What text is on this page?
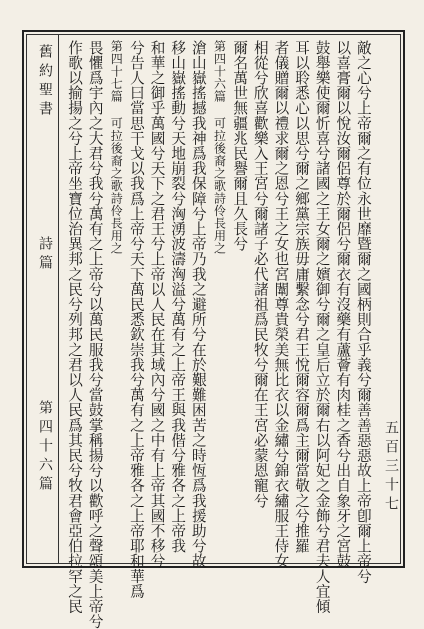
舊約聖書
詩篇
第四十六篇	敵之心兮上帝爾之有位永世靡暨爾之國柄則合乎義兮爾善善惡惡故上帝卽爾上帝兮
以喜膏爾以悅汝爾侶尊於爾侶兮爾衣有沒藥有蘆薈有肉桂之香兮出自象牙之宮鼓
鼓舉樂使爾忻喜兮諸國之王女爾之嬪御兮爾之皇后立於爾右以阿妃之金飾兮君夫人宜傾
耳以聆悉心以思兮爾之鄉黨宗族毋庸繫念兮君王悅爾容爾爲主爾當敬之兮推羅
者儀贈爾以禮求爾之恩兮王之女也宮闈尊貴榮美無比衣以金繡兮錦衣繡服王侍女
相從兮欣喜歡樂入王宮兮爾諸子必代諸祖爲民牧兮爾在王宮必蒙恩寵兮
爾名萬世無疆兆民譽爾且久長兮
第四十六篇 可拉後裔之歌詩伶長用之
滄山嶽搖撼我神爲我保障兮上帝乃我之避所兮在於艱難困苦之時恆爲我援助兮故
移山嶽搖動兮天地崩裂兮洶湧波濤洶溢兮萬有之上帝王與我偕兮雅各之上帝我
和華之御乎萬國兮天下之君王兮上帝以人民在其域內兮國之中有上帝其國不移兮
兮告人曰當思干戈以我爲上帝兮天下萬民悉欽崇我兮萬有之上帝雅各之上帝耶和華爲
第四十七篇 可拉後裔之歌詩伶長用之
畏懼爲宇內之大君兮我兮萬有之上帝兮以萬民服我兮當鼓掌稱揚兮以歡呼之聲頌美上帝兮
作歌以揄揚之兮上帝坐寶位治異邦之民兮列邦之君以人民爲其民兮牧君會亞伯拉罕之民	五百三十七
